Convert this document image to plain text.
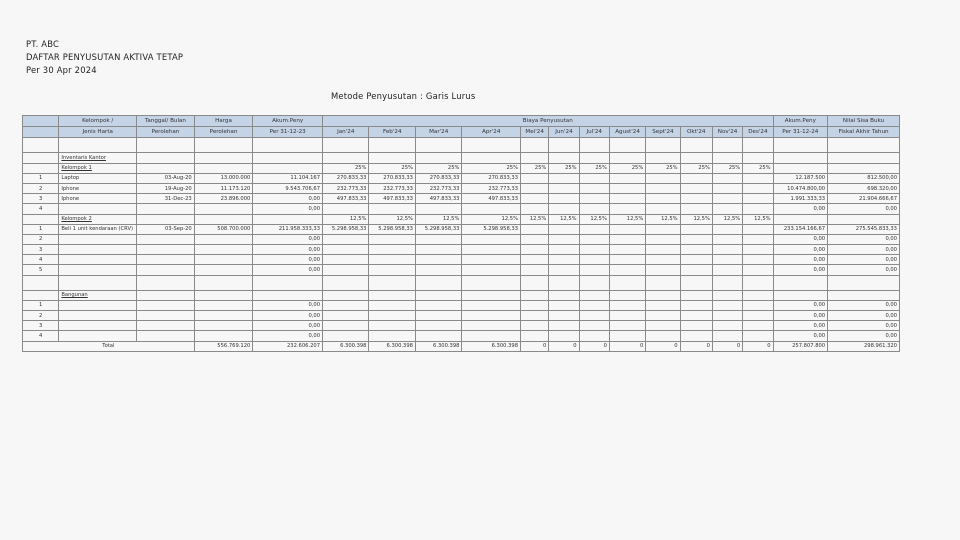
PT. ABC
DAFTAR PENYUSUTAN AKTIVA TETAP
Per 30 Apr 2024
Metode Penyusutan : Garis Lurus
	Kelompok /	Tanggal/ Bulan	Harga	Akum.Peny	Biaya Penyusutan												Akum.Peny	Nilai Sisa Buku
	Jenis Harta	Perolehan	Perolehan	Per 31-12-23	Jan'24	Feb'24	Mar'24	Apr'24	Mei'24	Jun'24	Jul'24	Agust'24	Sept'24	Okt'24	Nov'24	Des'24	Per 31-12-24	Fiskal Akhir Tahun

	Inventaris Kantor																	
	Kelompok 1				25%	25%	25%	25%	25%	25%	25%	25%	25%	25%	25%	25%		
1	Laptop	03-Aug-20	13.000.000	11.104.167	270.833,33	270.833,33	270.833,33	270.833,33									12.187.500	812.500,00
2	Iphone	19-Aug-20	11.173.120	9.543.706,67	232.773,33	232.773,33	232.773,33	232.773,33									10.474.800,00	698.320,00
3	Iphone	31-Dec-23	23.896.000	0,00	497.833,33	497.833,33	497.833,33	497.833,33									1.991.333,33	21.904.666,67
4				0,00													0,00	0,00
	Kelompok 2				12,5%	12,5%	12,5%	12,5%	12,5%	12,5%	12,5%	12,5%	12,5%	12,5%	12,5%	12,5%		
1	Beli 1 unit kendaraan (CRV)	03-Sep-20	508.700.000	211.958.333,33	5.298.958,33	5.298.958,33	5.298.958,33	5.298.958,33									233.154.166,67	275.545.833,33
2				0,00													0,00	0,00
3				0,00													0,00	0,00
4				0,00													0,00	0,00
5				0,00													0,00	0,00

	Bangunan																	
1				0,00													0,00	0,00
2				0,00													0,00	0,00
3				0,00													0,00	0,00
4				0,00													0,00	0,00
Total			556.769.120	232.606.207	6.300.398	6.300.398	6.300.398	6.300.398	0	0	0	0	0	0	0	0	257.807.800	298.961.320
